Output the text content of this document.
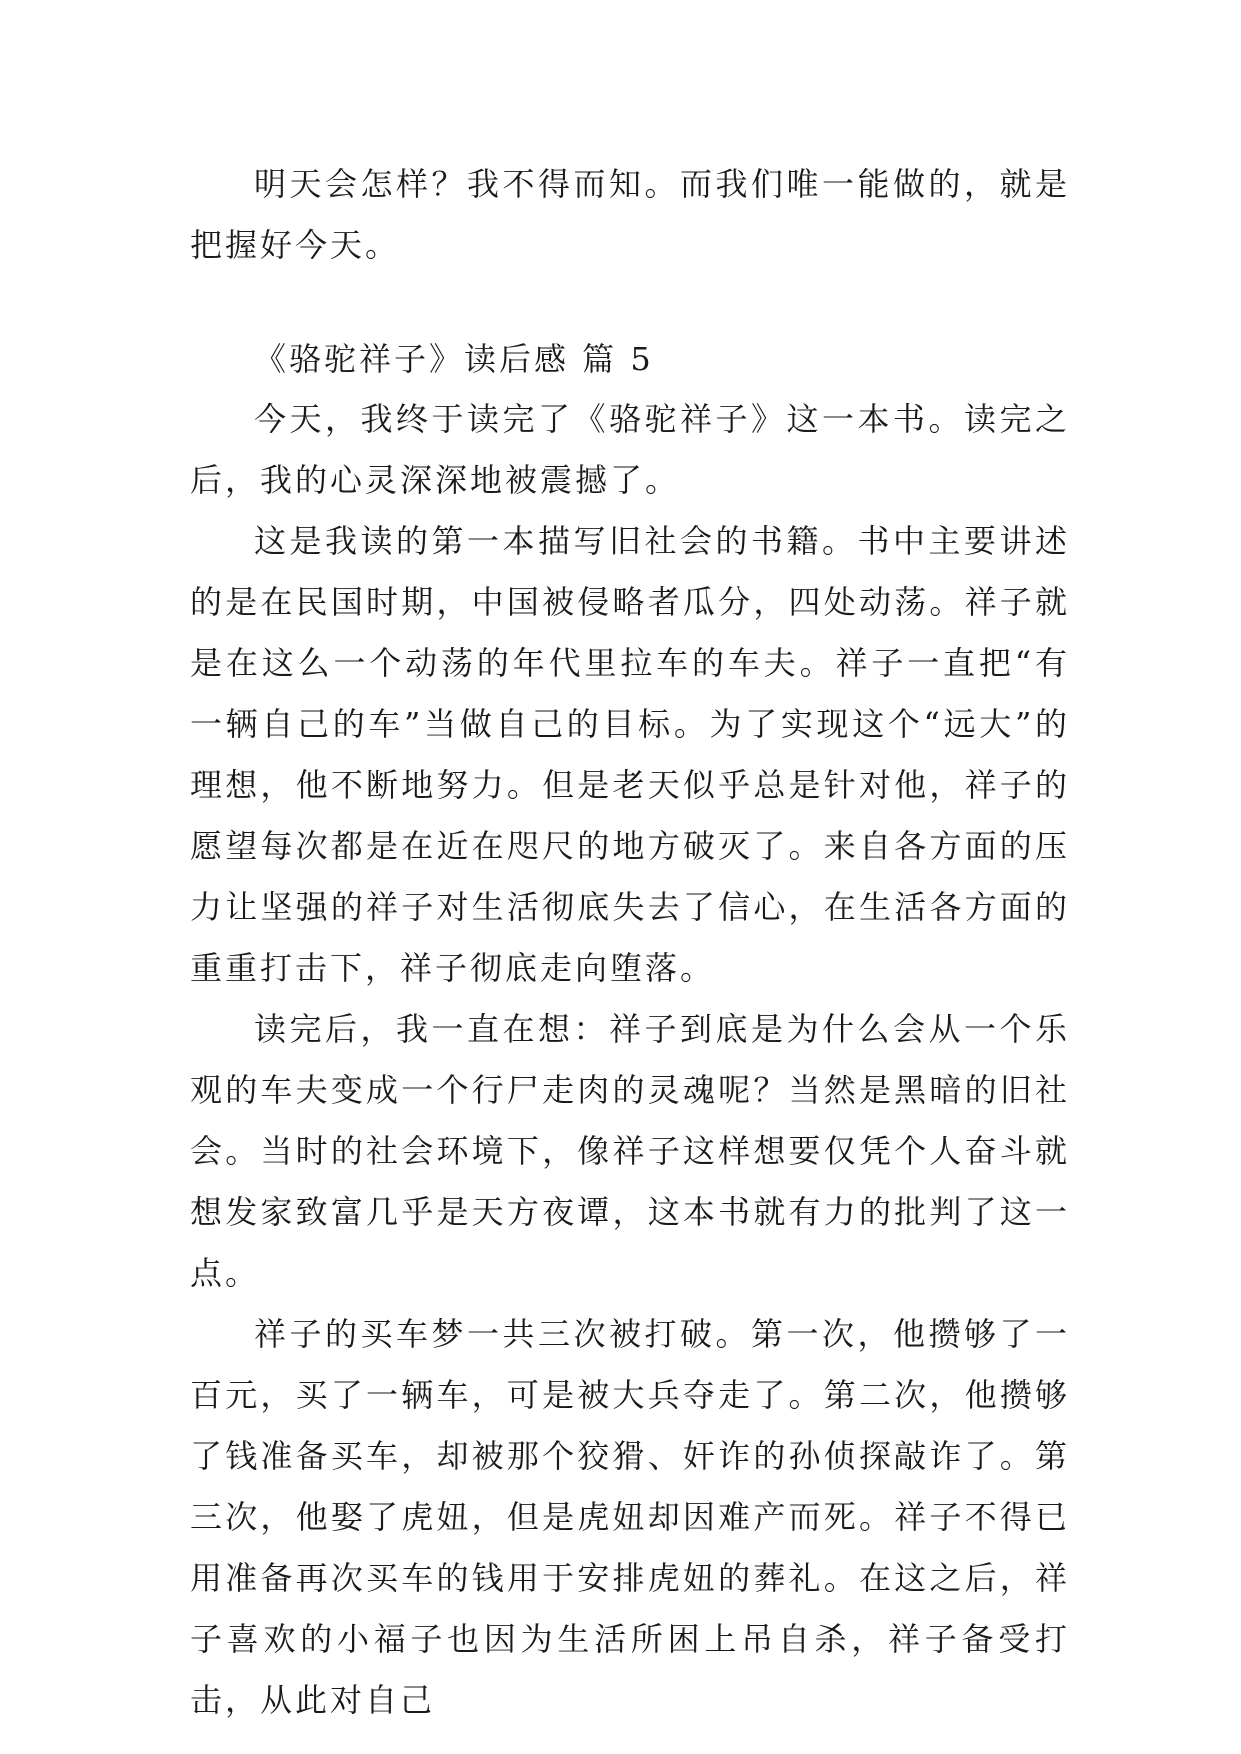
明天会怎样？我不得而知。而我们唯一能做的，就是把握好今天。

《骆驼祥子》读后感 篇 5

今天，我终于读完了《骆驼祥子》这一本书。读完之后，我的心灵深深地被震撼了。

这是我读的第一本描写旧社会的书籍。书中主要讲述的是在民国时期，中国被侵略者瓜分，四处动荡。祥子就是在这么一个动荡的年代里拉车的车夫。祥子一直把“有一辆自己的车”当做自己的目标。为了实现这个“远大”的理想，他不断地努力。但是老天似乎总是针对他，祥子的愿望每次都是在近在咫尺的地方破灭了。来自各方面的压力让坚强的祥子对生活彻底失去了信心，在生活各方面的重重打击下，祥子彻底走向堕落。

读完后，我一直在想：祥子到底是为什么会从一个乐观的车夫变成一个行尸走肉的灵魂呢？当然是黑暗的旧社会。当时的社会环境下，像祥子这样想要仅凭个人奋斗就想发家致富几乎是天方夜谭，这本书就有力的批判了这一点。

祥子的买车梦一共三次被打破。第一次，他攒够了一百元，买了一辆车，可是被大兵夺走了。第二次，他攒够了钱准备买车，却被那个狡猾、奸诈的孙侦探敲诈了。第三次，他娶了虎妞，但是虎妞却因难产而死。祥子不得已用准备再次买车的钱用于安排虎妞的葬礼。在这之后，祥子喜欢的小福子也因为生活所困上吊自杀，祥子备受打击，从此对自己
